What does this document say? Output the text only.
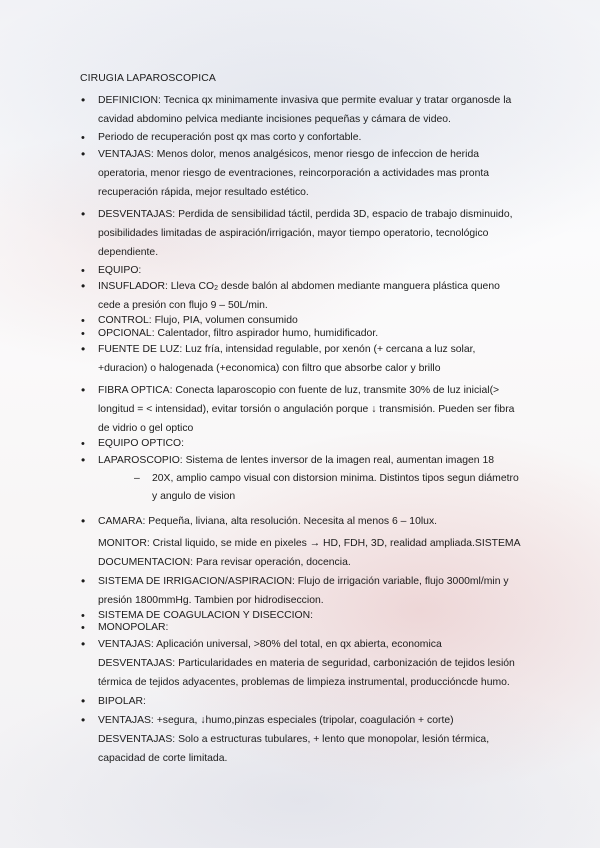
CIRUGIA LAPAROSCOPICA
• DEFINICION: Tecnica qx minimamente invasiva que permite evaluar y tratar organosde la cavidad abdomino pelvica mediante incisiones pequeñas y cámara de video.
• Periodo de recuperación post qx mas corto y confortable.
• VENTAJAS: Menos dolor, menos analgésicos, menor riesgo de infeccion de herida operatoria, menor riesgo de eventraciones, reincorporación a actividades mas pronta recuperación rápida, mejor resultado estético.
• DESVENTAJAS: Perdida de sensibilidad táctil, perdida 3D, espacio de trabajo disminuido, posibilidades limitadas de aspiración/irrigación, mayor tiempo operatorio, tecnológico dependiente.
• EQUIPO:
• INSUFLADOR: Lleva $CO_2$ desde balón al abdomen mediante manguera plástica queno cede a presión con flujo 9 – 50L/min.
• CONTROL: Flujo, PIA, volumen consumido
• OPCIONAL: Calentador, filtro aspirador humo, humidificador.
• FUENTE DE LUZ: Luz fría, intensidad regulable, por xenón (+ cercana a luz solar, +duracion) o halogenada (+economica) con filtro que absorbe calor y brillo
• FIBRA OPTICA: Conecta laparoscopio con fuente de luz, transmite 30% de luz inicial(> longitud = < intensidad), evitar torsión o angulación porque ↓ transmisión. Pueden ser fibra de vidrio o gel optico
• EQUIPO OPTICO:
• LAPAROSCOPIO: Sistema de lentes inversor de la imagen real, aumentan imagen 18
– 20X, amplio campo visual con distorsion minima. Distintos tipos segun diámetro y angulo de vision
• CAMARA: Pequeña, liviana, alta resolución. Necesita al menos 6 – 10lux.

MONITOR: Cristal liquido, se mide en pixeles → HD, FDH, 3D, realidad ampliada.SISTEMA DOCUMENTACION: Para revisar operación, docencia.

• SISTEMA DE IRRIGACION/ASPIRACION: Flujo de irrigación variable, flujo 3000ml/min y presión 1800mmHg. Tambien por hidrodiseccion.
• SISTEMA DE COAGULACION Y DISECCION:
• MONOPOLAR:
• VENTAJAS: Aplicación universal, >80% del total, en qx abierta, economica

DESVENTAJAS: Particularidades en materia de seguridad, carbonización de tejidos lesión térmica de tejidos adyacentes, problemas de limpieza instrumental, produccióncde humo.

• BIPOLAR:
• VENTAJAS: +segura, ↓humo,pinzas especiales (tripolar, coagulación + corte)

DESVENTAJAS: Solo a estructuras tubulares, + lento que monopolar, lesión térmica, capacidad de corte limitada.
